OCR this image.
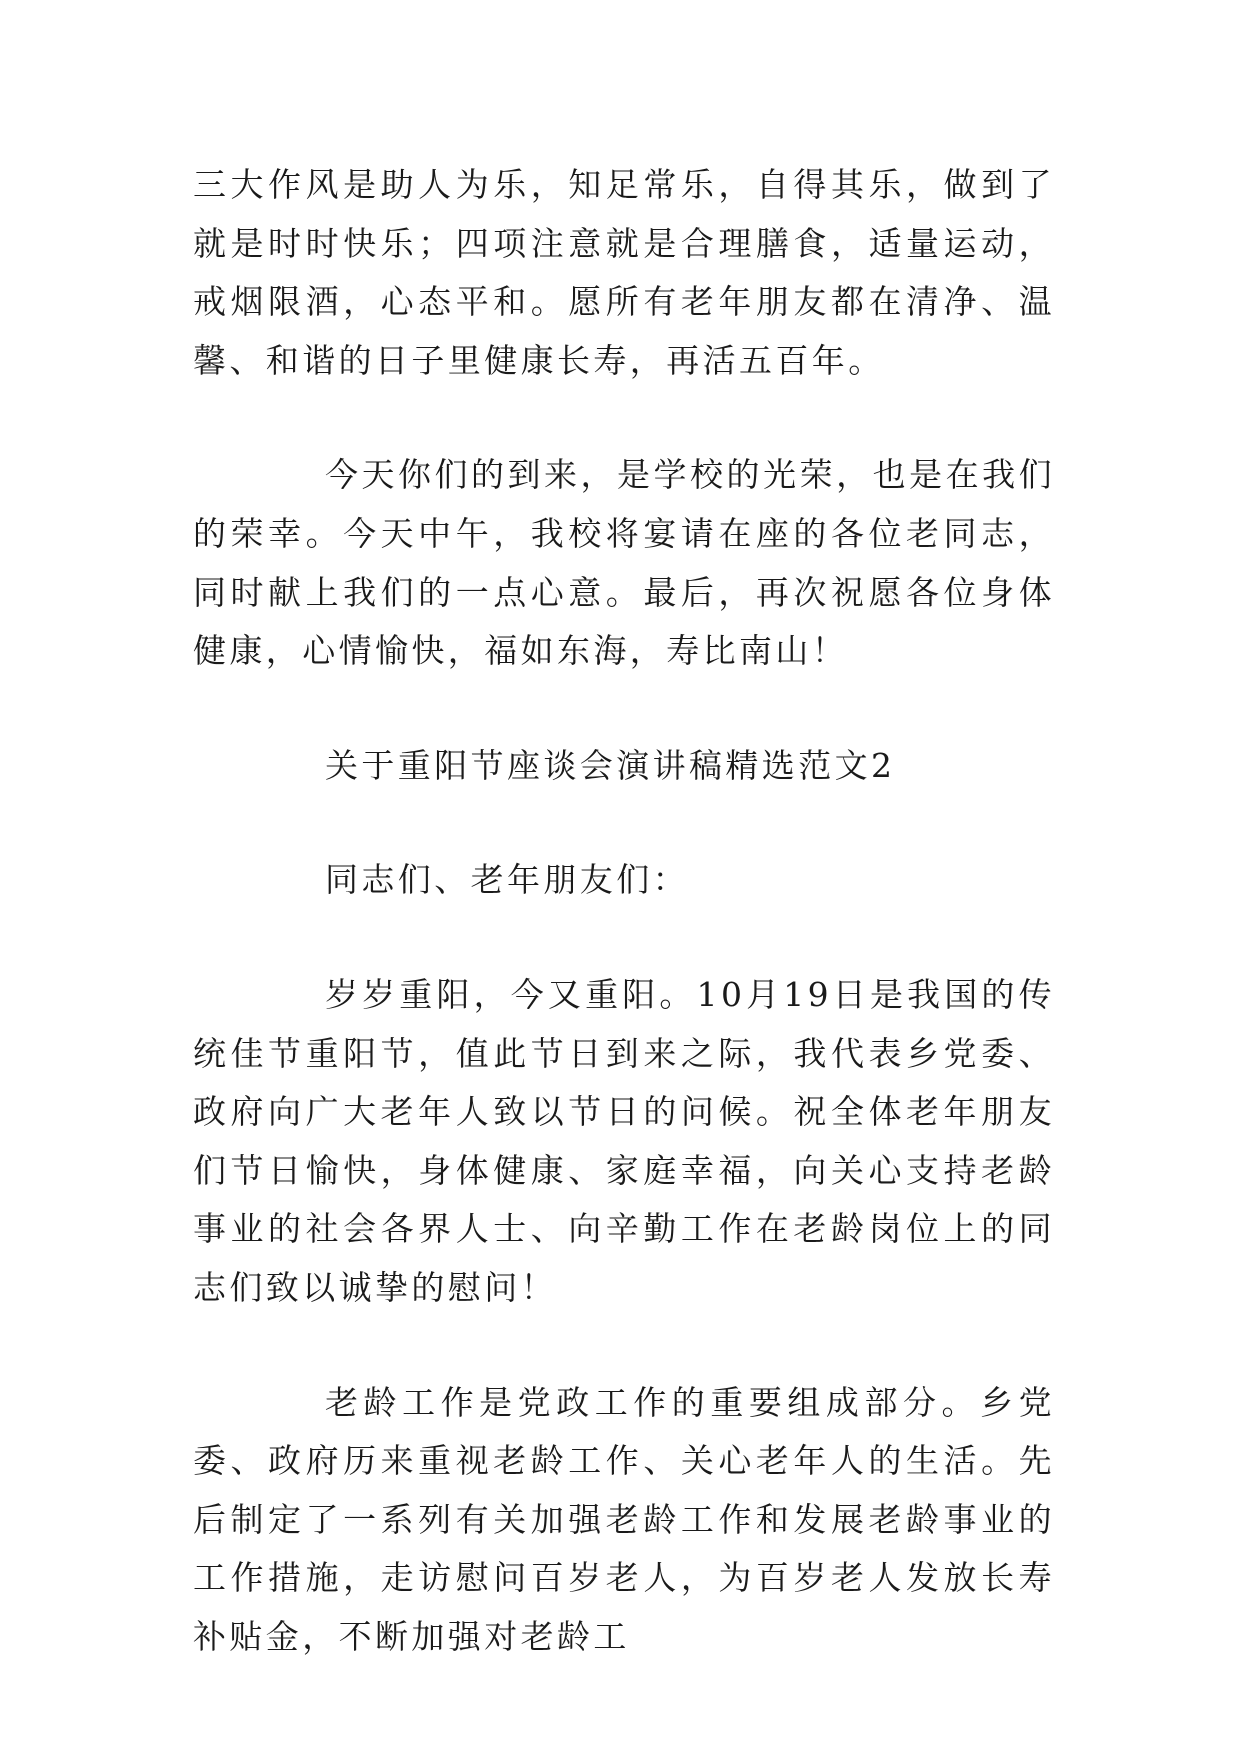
三大作风是助人为乐，知足常乐，自得其乐，做到了就是时时快乐；四项注意就是合理膳食，适量运动，戒烟限酒，心态平和。愿所有老年朋友都在清净、温馨、和谐的日子里健康长寿，再活五百年。

今天你们的到来，是学校的光荣，也是在我们的荣幸。今天中午，我校将宴请在座的各位老同志，同时献上我们的一点心意。最后，再次祝愿各位身体健康，心情愉快，福如东海，寿比南山！

关于重阳节座谈会演讲稿精选范文2

同志们、老年朋友们：

岁岁重阳，今又重阳。10月19日是我国的传统佳节重阳节，值此节日到来之际，我代表乡党委、政府向广大老年人致以节日的问候。祝全体老年朋友们节日愉快，身体健康、家庭幸福，向关心支持老龄事业的社会各界人士、向辛勤工作在老龄岗位上的同志们致以诚挚的慰问！

老龄工作是党政工作的重要组成部分。乡党委、政府历来重视老龄工作、关心老年人的生活。先后制定了一系列有关加强老龄工作和发展老龄事业的工作措施，走访慰问百岁老人，为百岁老人发放长寿补贴金，不断加强对老龄工
